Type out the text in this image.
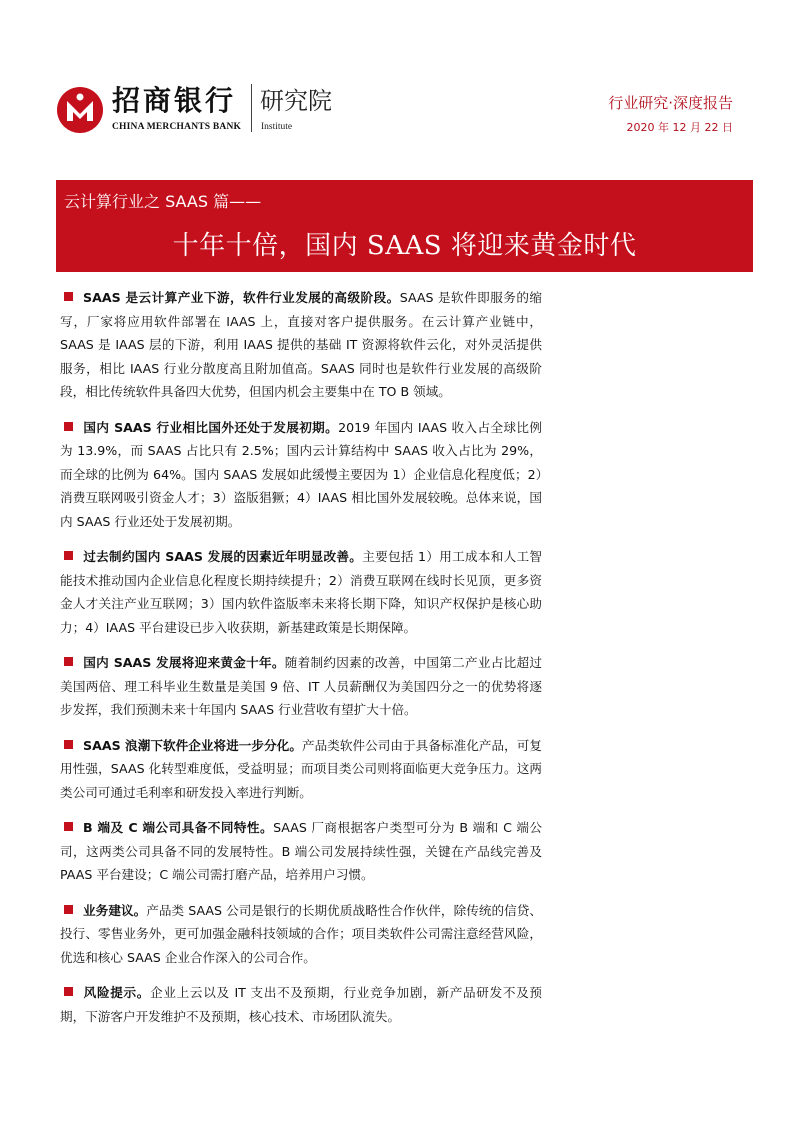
招商银行
CHINA MERCHANTS BANK
研究院
Institute
行业研究·深度报告
2020 年 12 月 22 日
云计算行业之 SAAS 篇——
十年十倍，国内 SAAS 将迎来黄金时代

SAAS 是云计算产业下游，软件行业发展的高级阶段。SAAS 是软件即服务的缩写，厂家将应用软件部署在 IAAS 上，直接对客户提供服务。在云计算产业链中，SAAS 是 IAAS 层的下游，利用 IAAS 提供的基础 IT 资源将软件云化，对外灵活提供服务，相比 IAAS 行业分散度高且附加值高。SAAS 同时也是软件行业发展的高级阶段，相比传统软件具备四大优势，但国内机会主要集中在 TO B 领域。

国内 SAAS 行业相比国外还处于发展初期。2019 年国内 IAAS 收入占全球比例为 13.9%，而 SAAS 占比只有 2.5%；国内云计算结构中 SAAS 收入占比为 29%，而全球的比例为 64%。国内 SAAS 发展如此缓慢主要因为 1）企业信息化程度低；2）消费互联网吸引资金人才；3）盗版猖獗；4）IAAS 相比国外发展较晚。总体来说，国内 SAAS 行业还处于发展初期。

过去制约国内 SAAS 发展的因素近年明显改善。主要包括 1）用工成本和人工智能技术推动国内企业信息化程度长期持续提升；2）消费互联网在线时长见顶，更多资金人才关注产业互联网；3）国内软件盗版率未来将长期下降，知识产权保护是核心助力；4）IAAS 平台建设已步入收获期，新基建政策是长期保障。

国内 SAAS 发展将迎来黄金十年。随着制约因素的改善，中国第二产业占比超过美国两倍、理工科毕业生数量是美国 9 倍、IT 人员薪酬仅为美国四分之一的优势将逐步发挥，我们预测未来十年国内 SAAS 行业营收有望扩大十倍。

SAAS 浪潮下软件企业将进一步分化。产品类软件公司由于具备标准化产品，可复用性强，SAAS 化转型难度低，受益明显；而项目类公司则将面临更大竞争压力。这两类公司可通过毛利率和研发投入率进行判断。

B 端及 C 端公司具备不同特性。SAAS 厂商根据客户类型可分为 B 端和 C 端公司，这两类公司具备不同的发展特性。B 端公司发展持续性强，关键在产品线完善及 PAAS 平台建设；C 端公司需打磨产品，培养用户习惯。

业务建议。产品类 SAAS 公司是银行的长期优质战略性合作伙伴，除传统的信贷、投行、零售业务外，更可加强金融科技领域的合作；项目类软件公司需注意经营风险，优选和核心 SAAS 企业合作深入的公司合作。

风险提示。企业上云以及 IT 支出不及预期，行业竞争加剧，新产品研发不及预期，下游客户开发维护不及预期，核心技术、市场团队流失。
